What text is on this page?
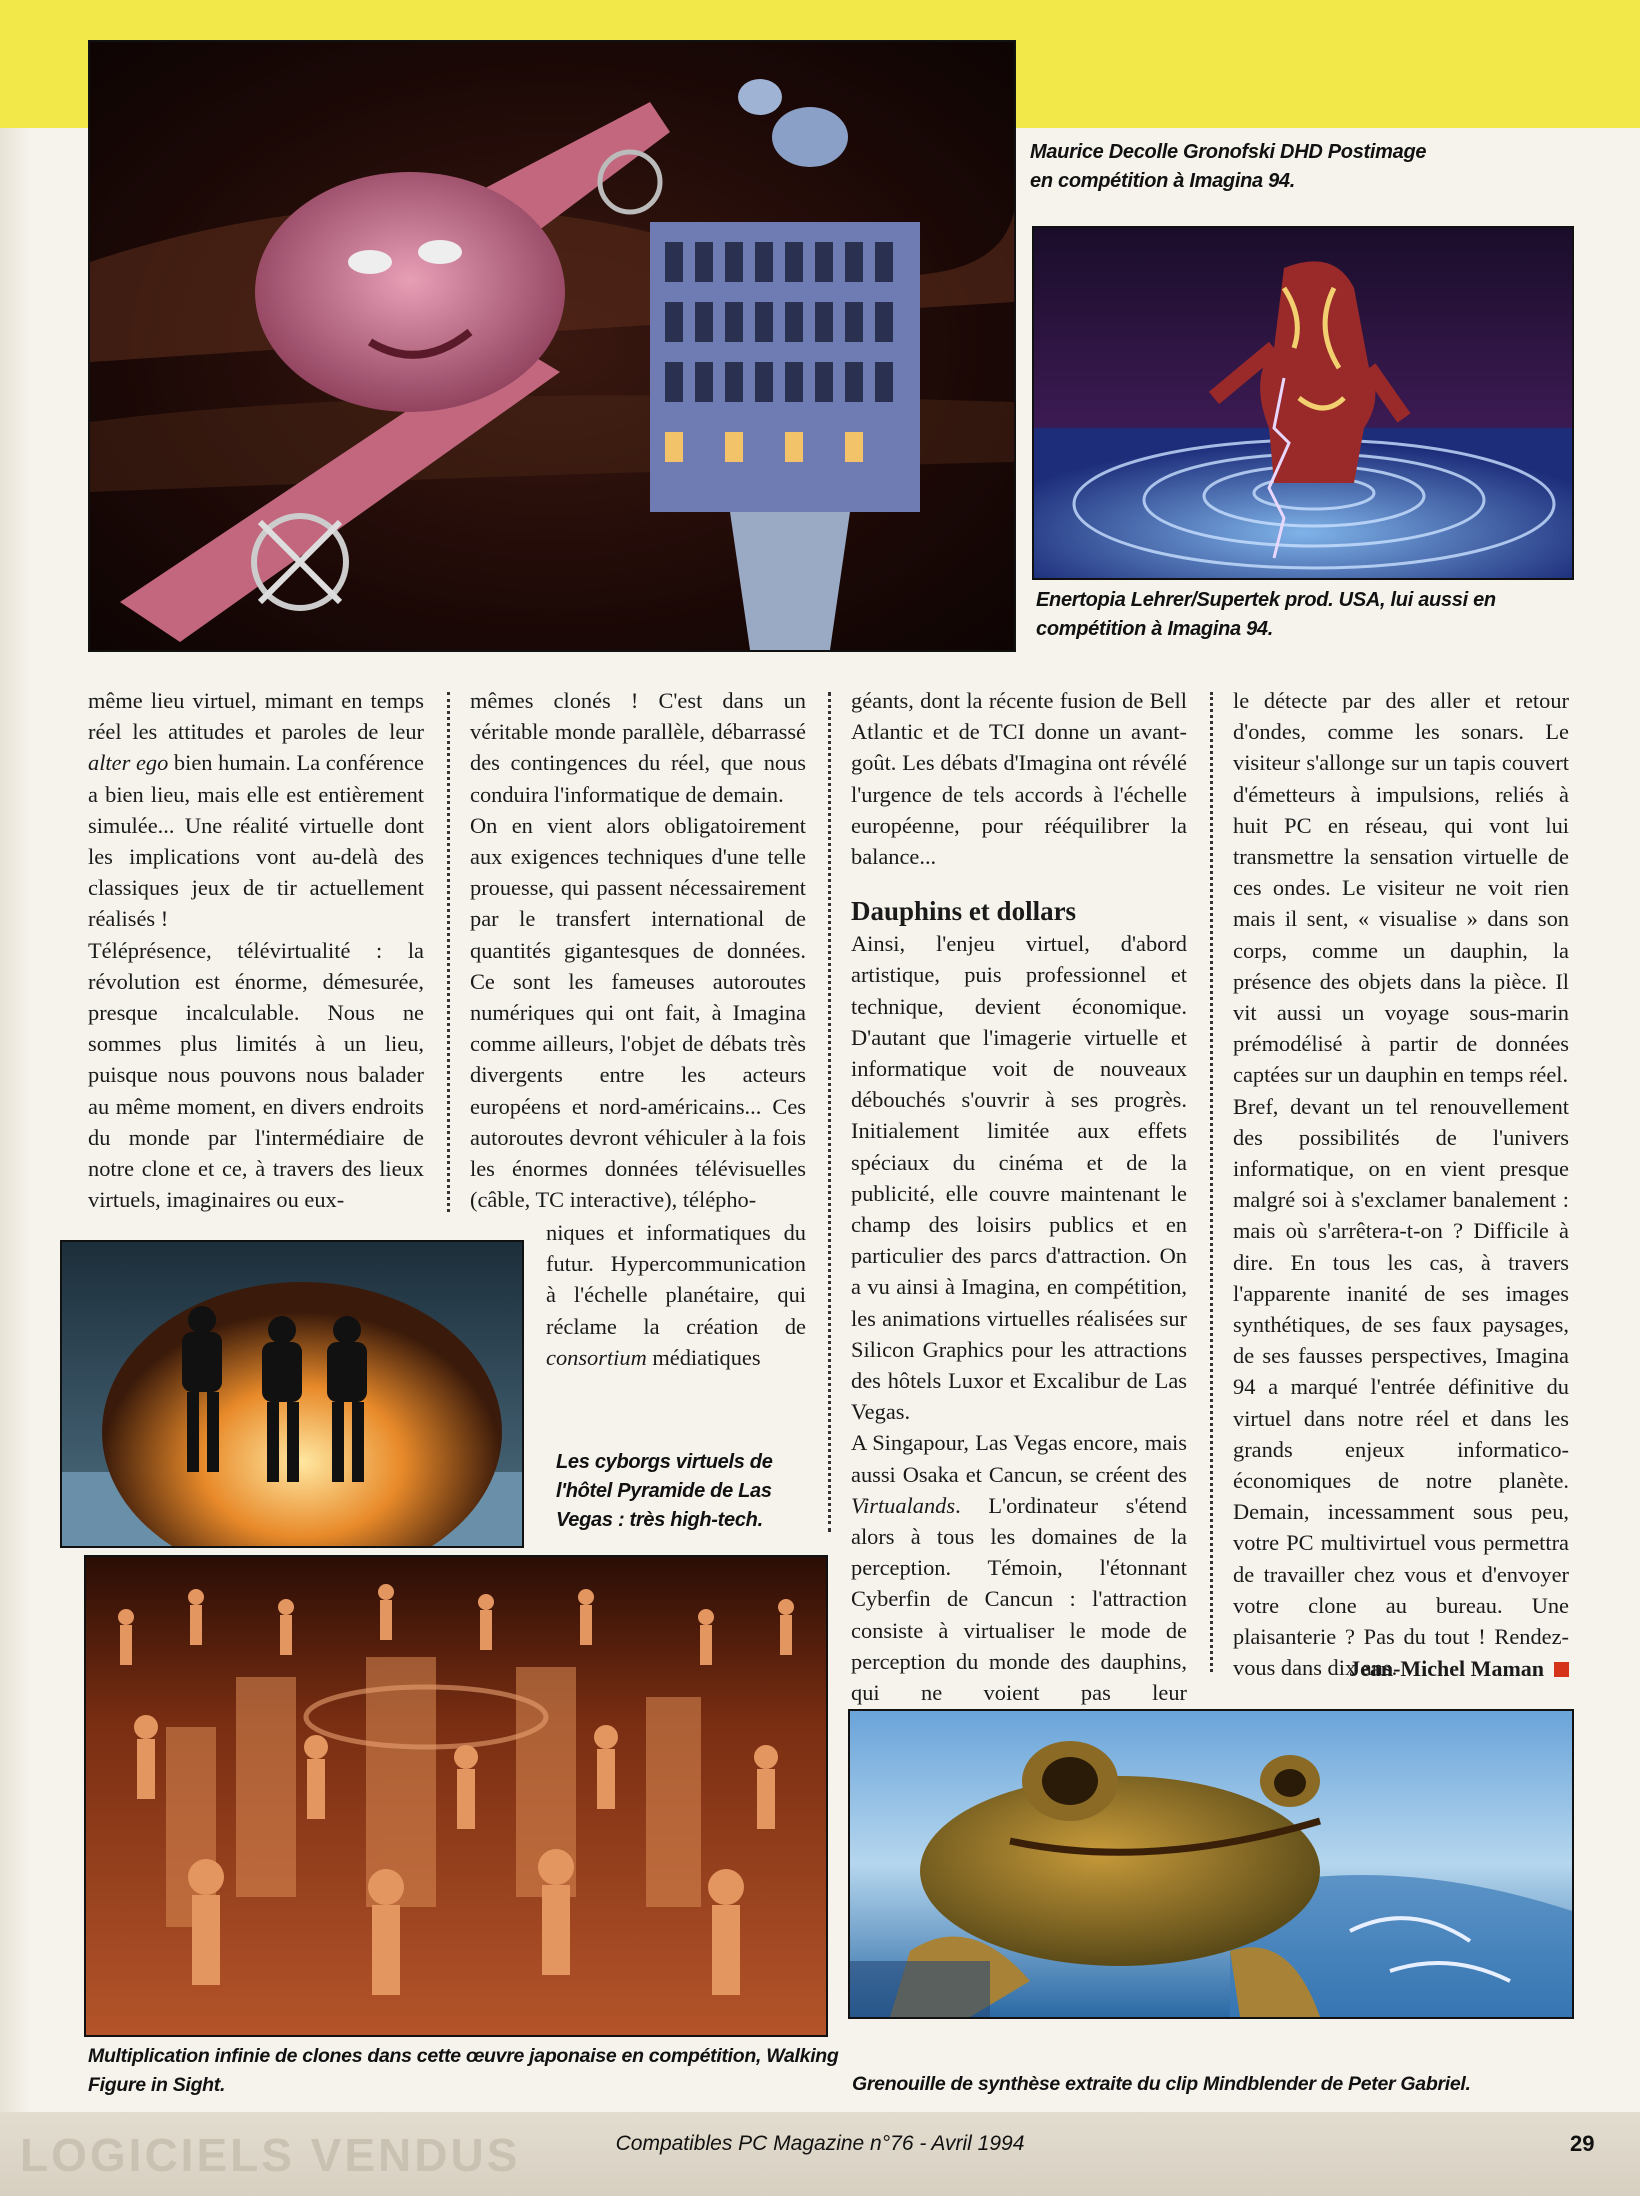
Maurice Decolle Gronofski DHD Postimage
en compétition à Imagina 94.
Enertopia Lehrer/Supertek prod. USA, lui aussi en
compétition à Imagina 94.

même lieu virtuel, mimant en temps réel les attitudes et paroles de leur alter ego bien humain. La conférence a bien lieu, mais elle est entièrement simulée... Une réalité virtuelle dont les implications vont au-delà des classiques jeux de tir actuellement réalisés !

Téléprésence, télévirtualité : la révolution est énorme, démesurée, presque incalculable. Nous ne sommes plus limités à un lieu, puisque nous pouvons nous balader au même moment, en divers endroits du monde par l'intermédiaire de notre clone et ce, à travers des lieux virtuels, imaginaires ou eux-

mêmes clonés ! C'est dans un véritable monde parallèle, débarrassé des contingences du réel, que nous conduira l'informatique de demain.

On en vient alors obligatoirement aux exigences techniques d'une telle prouesse, qui passent nécessairement par le transfert international de quantités gigantesques de données. Ce sont les fameuses autoroutes numériques qui ont fait, à Imagina comme ailleurs, l'objet de débats très divergents entre les acteurs européens et nord-américains... Ces autoroutes devront véhiculer à la fois les énormes données télévisuelles (câble, TC interactive), télépho-

niques et informatiques du futur. Hypercommunication à l'échelle planétaire, qui réclame la création de consortium médiatiques

géants, dont la récente fusion de Bell Atlantic et de TCI donne un avant-goût. Les débats d'Imagina ont révélé l'urgence de tels accords à l'échelle européenne, pour rééquilibrer la balance...

Dauphins et dollars

Ainsi, l'enjeu virtuel, d'abord artistique, puis professionnel et technique, devient économique. D'autant que l'imagerie virtuelle et informatique voit de nouveaux débouchés s'ouvrir à ses progrès. Initialement limitée aux effets spéciaux du cinéma et de la publicité, elle couvre maintenant le champ des loisirs publics et en particulier des parcs d'attraction. On a vu ainsi à Imagina, en compétition, les animations virtuelles réalisées sur Silicon Graphics pour les attractions des hôtels Luxor et Excalibur de Las Vegas.

A Singapour, Las Vegas encore, mais aussi Osaka et Cancun, se créent des Virtualands. L'ordinateur s'étend alors à tous les domaines de la perception. Témoin, l'étonnant Cyberfin de Cancun : l'attraction consiste à virtualiser le mode de perception du monde des dauphins, qui ne voient pas leur

le détecte par des aller et retour d'ondes, comme les sonars. Le visiteur s'allonge sur un tapis couvert d'émetteurs à impulsions, reliés à huit PC en réseau, qui vont lui transmettre la sensation virtuelle de ces ondes. Le visiteur ne voit rien mais il sent, « visualise » dans son corps, comme un dauphin, la présence des objets dans la pièce. Il vit aussi un voyage sous-marin prémodélisé à partir de données captées sur un dauphin en temps réel.

Bref, devant un tel renouvellement des possibilités de l'univers informatique, on en vient presque malgré soi à s'exclamer banalement : mais où s'arrêtera-t-on ? Difficile à dire. En tous les cas, à travers l'apparente inanité de ses images synthétiques, de ses faux paysages, de ses fausses perspectives, Imagina 94 a marqué l'entrée définitive du virtuel dans notre réel et dans les grands enjeux informatico-économiques de notre planète. Demain, incessamment sous peu, votre PC multivirtuel vous permettra de travailler chez vous et d'envoyer votre clone au bureau. Une plaisanterie ? Pas du tout ! Rendez-vous dans dix ans.

Jean-Michel Maman
Les cyborgs virtuels de
l'hôtel Pyramide de Las
Vegas : très high-tech.
Multiplication infinie de clones dans cette œuvre japonaise en compétition, Walking
Figure in Sight.	Grenouille de synthèse extraite du clip Mindblender de Peter Gabriel.
LOGICIELS VENDUS	Compatibles PC Magazine n°76 - Avril 1994	29
